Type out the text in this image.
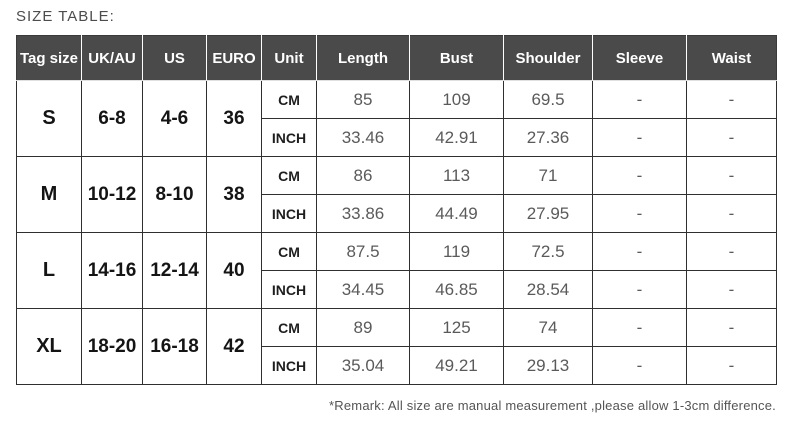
SIZE TABLE:
Tag size	UK/AU	US	EURO	Unit	Length	Bust	Shoulder	Sleeve	Waist
S	6-8	4-6	36	CM	85	109	69.5	-	-
				INCH	33.46	42.91	27.36	-	-
M	10-12	8-10	38	CM	86	113	71	-	-
				INCH	33.86	44.49	27.95	-	-
L	14-16	12-14	40	CM	87.5	119	72.5	-	-
				INCH	34.45	46.85	28.54	-	-
XL	18-20	16-18	42	CM	89	125	74	-	-
				INCH	35.04	49.21	29.13	-	-
*Remark: All size are manual measurement ,please allow 1-3cm difference.
